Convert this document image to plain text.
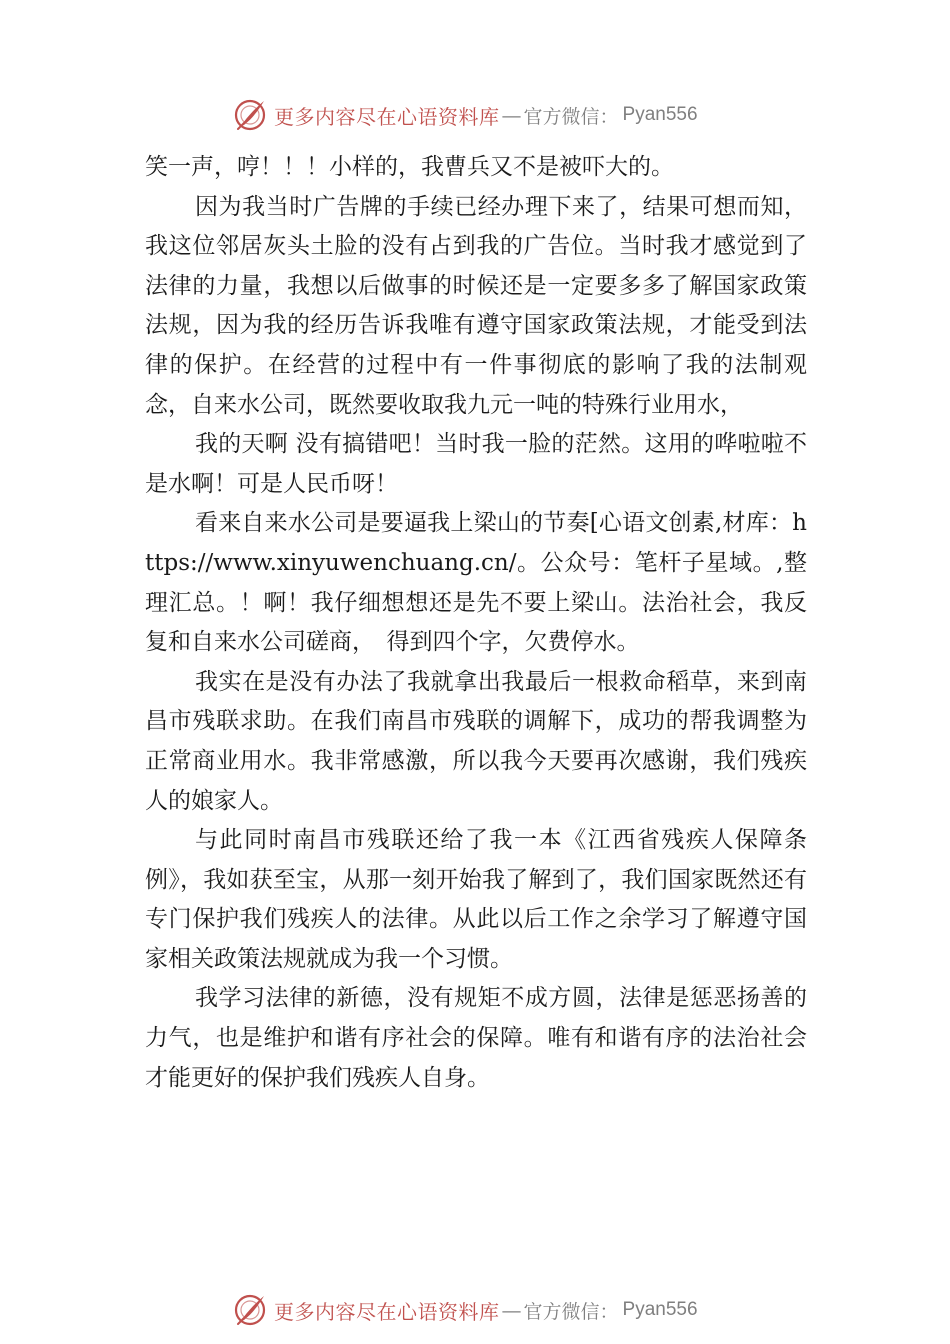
更多内容尽在心语资料库 — 官方微信： Pyan556

笑一声，哼！！！小样的，我曹兵又不是被吓大的。

因为我当时广告牌的手续已经办理下来了，结果可想而知，我这位邻居灰头土脸的没有占到我的广告位。当时我才感觉到了法律的力量，我想以后做事的时候还是一定要多多了解国家政策法规，因为我的经历告诉我唯有遵守国家政策法规，才能受到法律的保护。在经营的过程中有一件事彻底的影响了我的法制观念，自来水公司，既然要收取我九元一吨的特殊行业用水，

我的天啊 没有搞错吧！当时我一脸的茫然。这用的哗啦啦不是水啊！可是人民币呀！

看来自来水公司是要逼我上梁山的节奏[心语文创素,材库：https://www.xinyuwenchuang.cn/。公众号：笔杆子星域。,整理汇总。！啊！我仔细想想还是先不要上梁山。法治社会，我反复和自来水公司磋商，　得到四个字，欠费停水。

我实在是没有办法了我就拿出我最后一根救命稻草，来到南昌市残联求助。在我们南昌市残联的调解下，成功的帮我调整为正常商业用水。我非常感激，所以我今天要再次感谢，我们残疾人的娘家人。

与此同时南昌市残联还给了我一本《江西省残疾人保障条例》，我如获至宝，从那一刻开始我了解到了，我们国家既然还有专门保护我们残疾人的法律。从此以后工作之余学习了解遵守国家相关政策法规就成为我一个习惯。

我学习法律的新德，没有规矩不成方圆，法律是惩恶扬善的力气，也是维护和谐有序社会的保障。唯有和谐有序的法治社会才能更好的保护我们残疾人自身。

更多内容尽在心语资料库 — 官方微信： Pyan556
